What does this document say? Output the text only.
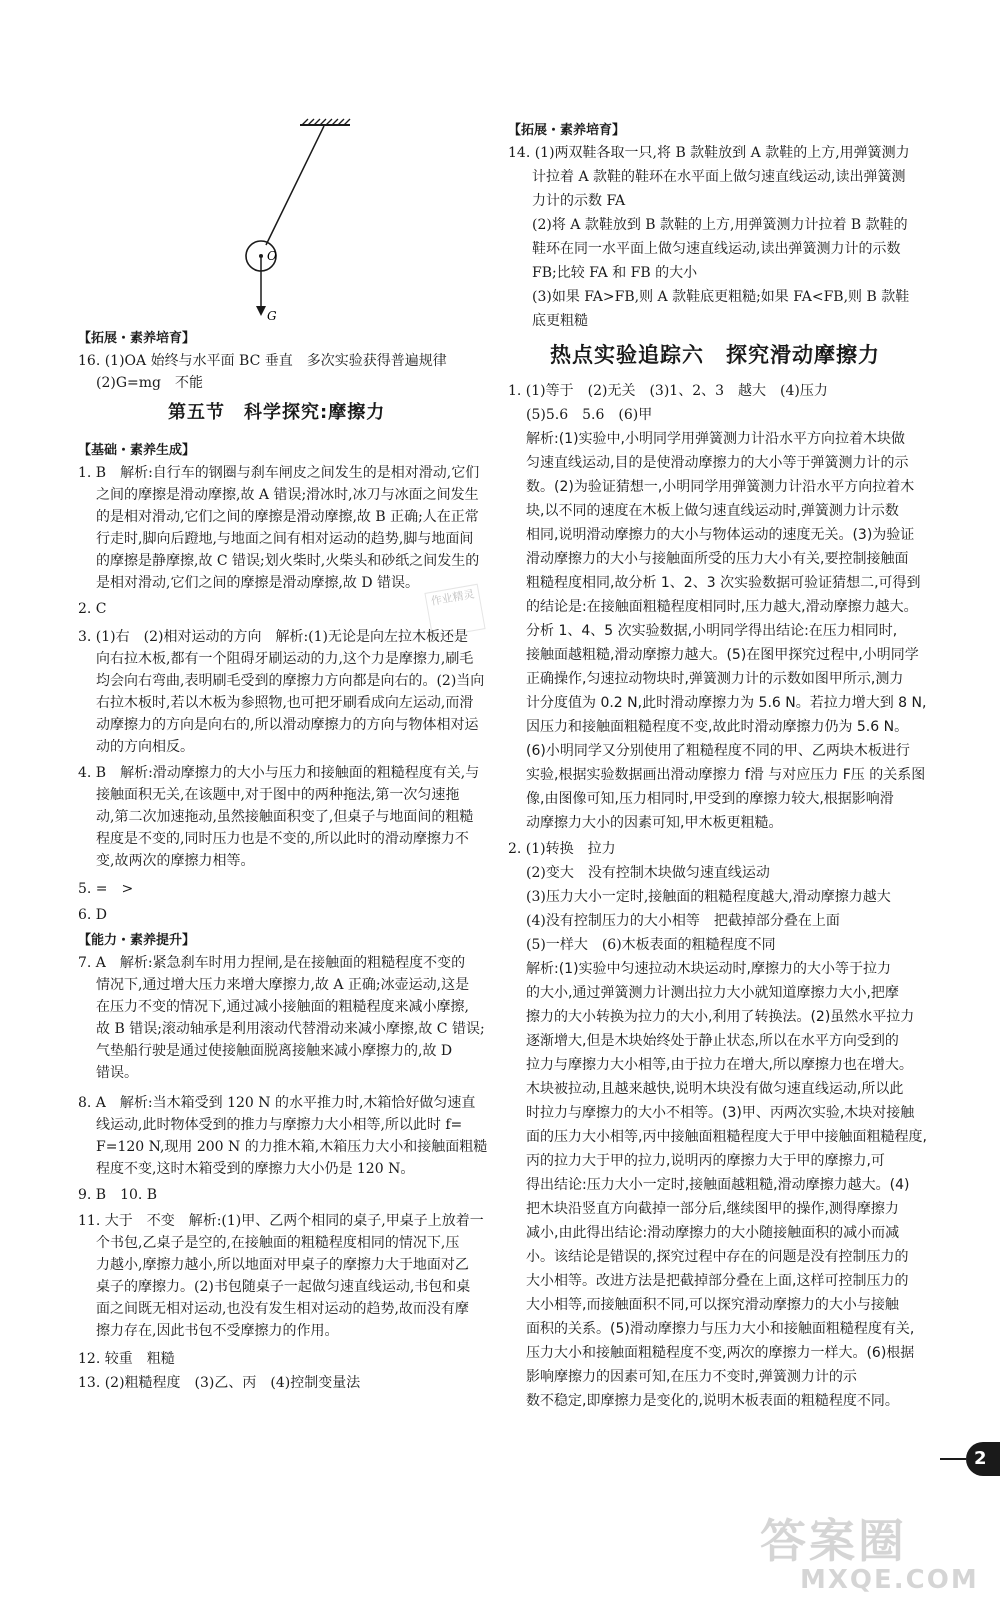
O
G
作业精灵
【拓展・素养培育】
16. (1)OA 始终与水平面 BC 垂直　多次实验获得普遍规律
(2)G=mg　不能
第五节　科学探究:摩擦力
【基础・素养生成】
1. B　解析:自行车的钢圈与刹车闸皮之间发生的是相对滑动,它们
之间的摩擦是滑动摩擦,故 A 错误;滑冰时,冰刀与冰面之间发生
的是相对滑动,它们之间的摩擦是滑动摩擦,故 B 正确;人在正常
行走时,脚向后蹬地,与地面之间有相对运动的趋势,脚与地面间
的摩擦是静摩擦,故 C 错误;划火柴时,火柴头和砂纸之间发生的
是相对滑动,它们之间的摩擦是滑动摩擦,故 D 错误。
2. C
3. (1)右　(2)相对运动的方向　解析:(1)无论是向左拉木板还是
向右拉木板,都有一个阻碍牙刷运动的力,这个力是摩擦力,刷毛
均会向右弯曲,表明刷毛受到的摩擦力方向都是向右的。(2)当向
右拉木板时,若以木板为参照物,也可把牙刷看成向左运动,而滑
动摩擦力的方向是向右的,所以滑动摩擦力的方向与物体相对运
动的方向相反。
4. B　解析:滑动摩擦力的大小与压力和接触面的粗糙程度有关,与
接触面积无关,在该题中,对于图中的两种拖法,第一次匀速拖
动,第二次加速拖动,虽然接触面积变了,但桌子与地面间的粗糙
程度是不变的,同时压力也是不变的,所以此时的滑动摩擦力不
变,故两次的摩擦力相等。
5. =　>
6. D
【能力・素养提升】
7. A　解析:紧急刹车时用力捏闸,是在接触面的粗糙程度不变的
情况下,通过增大压力来增大摩擦力,故 A 正确;冰壶运动,这是
在压力不变的情况下,通过减小接触面的粗糙程度来减小摩擦,
故 B 错误;滚动轴承是利用滚动代替滑动来减小摩擦,故 C 错误;
气垫船行驶是通过使接触面脱离接触来减小摩擦力的,故 D
错误。
8. A　解析:当木箱受到 120 N 的水平推力时,木箱恰好做匀速直
线运动,此时物体受到的推力与摩擦力大小相等,所以此时 f=
F=120 N,现用 200 N 的力推木箱,木箱压力大小和接触面粗糙
程度不变,这时木箱受到的摩擦力大小仍是 120 N。
9. B　10. B
11. 大于　不变　解析:(1)甲、乙两个相同的桌子,甲桌子上放着一
个书包,乙桌子是空的,在接触面的粗糙程度相同的情况下,压
力越小,摩擦力越小,所以地面对甲桌子的摩擦力大于地面对乙
桌子的摩擦力。(2)书包随桌子一起做匀速直线运动,书包和桌
面之间既无相对运动,也没有发生相对运动的趋势,故而没有摩
擦力存在,因此书包不受摩擦力的作用。
12. 较重　粗糙
13. (2)粗糙程度　(3)乙、丙　(4)控制变量法
【拓展・素养培育】
14. (1)两双鞋各取一只,将 B 款鞋放到 A 款鞋的上方,用弹簧测力
计拉着 A 款鞋的鞋环在水平面上做匀速直线运动,读出弹簧测
力计的示数 FA
(2)将 A 款鞋放到 B 款鞋的上方,用弹簧测力计拉着 B 款鞋的
鞋环在同一水平面上做匀速直线运动,读出弹簧测力计的示数
FB;比较 FA 和 FB 的大小
(3)如果 FA>FB,则 A 款鞋底更粗糙;如果 FA<FB,则 B 款鞋
底更粗糙
热点实验追踪六　探究滑动摩擦力
1. (1)等于　(2)无关　(3)1、2、3　越大　(4)压力
(5)5.6　5.6　(6)甲
解析:(1)实验中,小明同学用弹簧测力计沿水平方向拉着木块做
匀速直线运动,目的是使滑动摩擦力的大小等于弹簧测力计的示
数。(2)为验证猜想一,小明同学用弹簧测力计沿水平方向拉着木
块,以不同的速度在木板上做匀速直线运动时,弹簧测力计示数
相同,说明滑动摩擦力的大小与物体运动的速度无关。(3)为验证
滑动摩擦力的大小与接触面所受的压力大小有关,要控制接触面
粗糙程度相同,故分析 1、2、3 次实验数据可验证猜想二,可得到
的结论是:在接触面粗糙程度相同时,压力越大,滑动摩擦力越大。
分析 1、4、5 次实验数据,小明同学得出结论:在压力相同时,
接触面越粗糙,滑动摩擦力越大。(5)在图甲探究过程中,小明同学
正确操作,匀速拉动物块时,弹簧测力计的示数如图甲所示,测力
计分度值为 0.2 N,此时滑动摩擦力为 5.6 N。若拉力增大到 8 N,
因压力和接触面粗糙程度不变,故此时滑动摩擦力仍为 5.6 N。
(6)小明同学又分别使用了粗糙程度不同的甲、乙两块木板进行
实验,根据实验数据画出滑动摩擦力 f滑 与对应压力 F压 的关系图
像,由图像可知,压力相同时,甲受到的摩擦力较大,根据影响滑
动摩擦力大小的因素可知,甲木板更粗糙。
2. (1)转换　拉力
(2)变大　没有控制木块做匀速直线运动
(3)压力大小一定时,接触面的粗糙程度越大,滑动摩擦力越大
(4)没有控制压力的大小相等　把截掉部分叠在上面
(5)一样大　(6)木板表面的粗糙程度不同
解析:(1)实验中匀速拉动木块运动时,摩擦力的大小等于拉力
的大小,通过弹簧测力计测出拉力大小就知道摩擦力大小,把摩
擦力的大小转换为拉力的大小,利用了转换法。(2)虽然水平拉力
逐渐增大,但是木块始终处于静止状态,所以在水平方向受到的
拉力与摩擦力大小相等,由于拉力在增大,所以摩擦力也在增大。
木块被拉动,且越来越快,说明木块没有做匀速直线运动,所以此
时拉力与摩擦力的大小不相等。(3)甲、丙两次实验,木块对接触
面的压力大小相等,丙中接触面粗糙程度大于甲中接触面粗糙程度,
丙的拉力大于甲的拉力,说明丙的摩擦力大于甲的摩擦力,可
得出结论:压力大小一定时,接触面越粗糙,滑动摩擦力越大。(4)
把木块沿竖直方向截掉一部分后,继续图甲的操作,测得摩擦力
减小,由此得出结论:滑动摩擦力的大小随接触面积的减小而减
小。该结论是错误的,探究过程中存在的问题是没有控制压力的
大小相等。改进方法是把截掉部分叠在上面,这样可控制压力的
大小相等,而接触面积不同,可以探究滑动摩擦力的大小与接触
面积的关系。(5)滑动摩擦力与压力大小和接触面粗糙程度有关,
压力大小和接触面粗糙程度不变,两次的摩擦力一样大。(6)根据
影响摩擦力的因素可知,在压力不变时,弹簧测力计的示
数不稳定,即摩擦力是变化的,说明木板表面的粗糙程度不同。
2
答案圈
MXQE.COM
